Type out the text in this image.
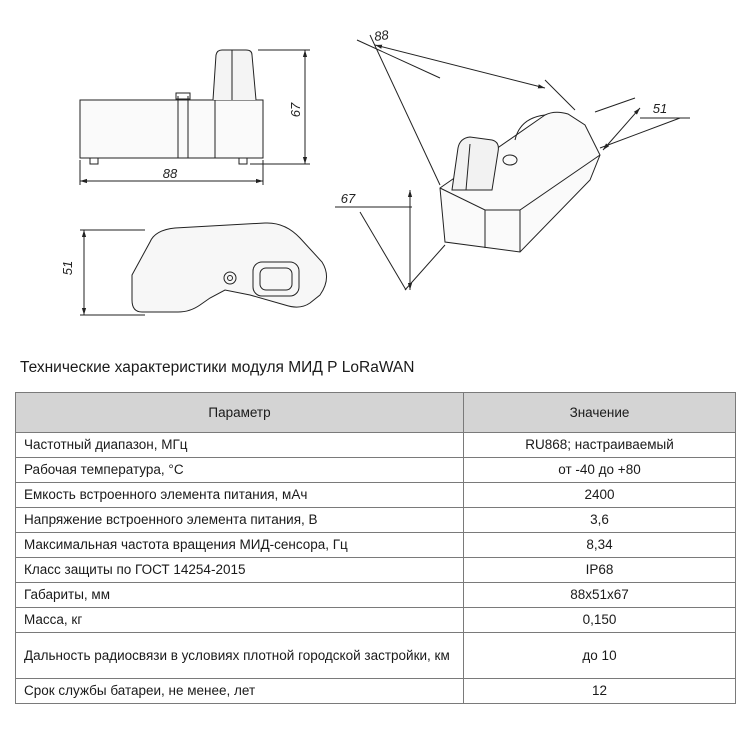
88
67
51
88
51
67
Технические характеристики модуля МИД Р LoRaWAN
Параметр	Значение
Частотный диапазон, МГц	RU868; настраиваемый
Рабочая температура, °С	от -40 до +80
Емкость встроенного элемента питания, мАч	2400
Напряжение встроенного элемента питания, В	3,6
Максимальная частота вращения МИД-сенсора, Гц	8,34
Класс защиты по ГОСТ 14254-2015	IP68
Габариты, мм	88x51x67
Масса, кг	0,150
Дальность радиосвязи в условиях плотной городской застройки, км	до 10
Срок службы батареи, не менее, лет	12
